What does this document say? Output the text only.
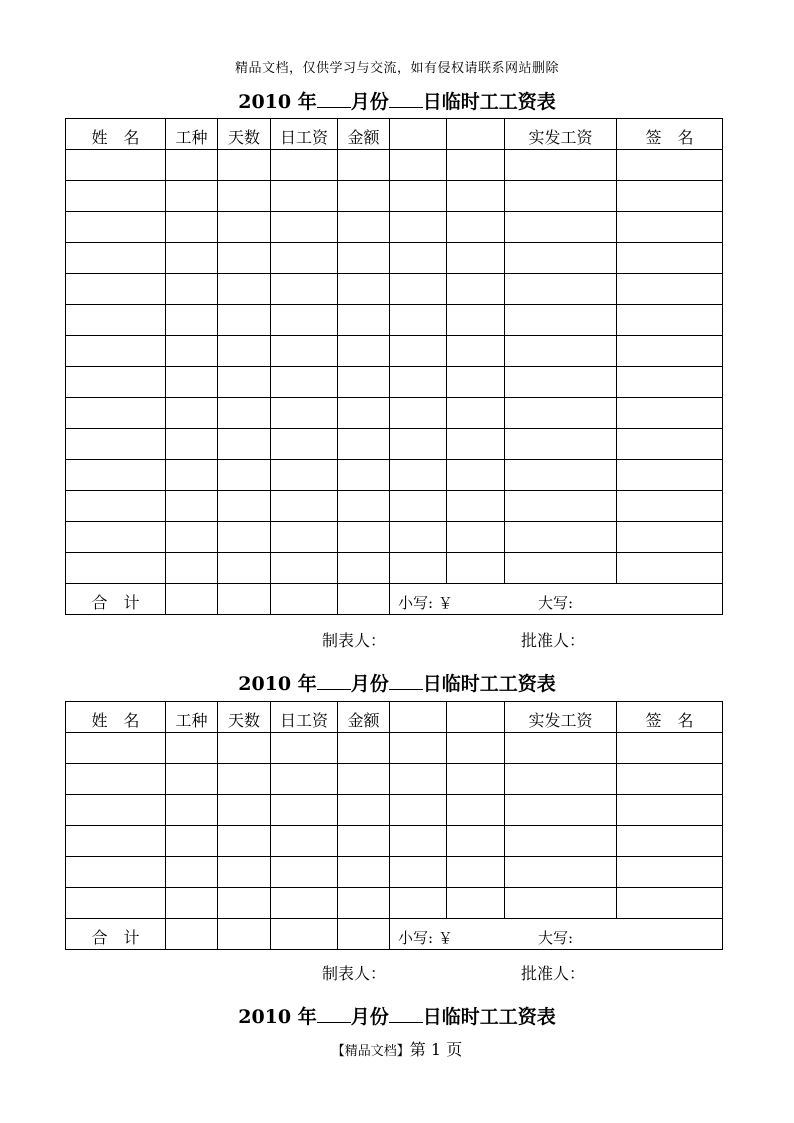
精品文档，仅供学习与交流，如有侵权请联系网站删除
2010 年 月份 日临时工工资表
姓　名	工种	天数	日工资	金额			实发工资	签　名

合　计					小写: ￥ 大写:			
制表人：	批准人：
2010 年 月份 日临时工工资表
姓　名	工种	天数	日工资	金额			实发工资	签　名

合　计					小写: ￥ 大写:			
制表人：	批准人：
2010 年 月份 日临时工工资表
【精品文档】第 1 页
